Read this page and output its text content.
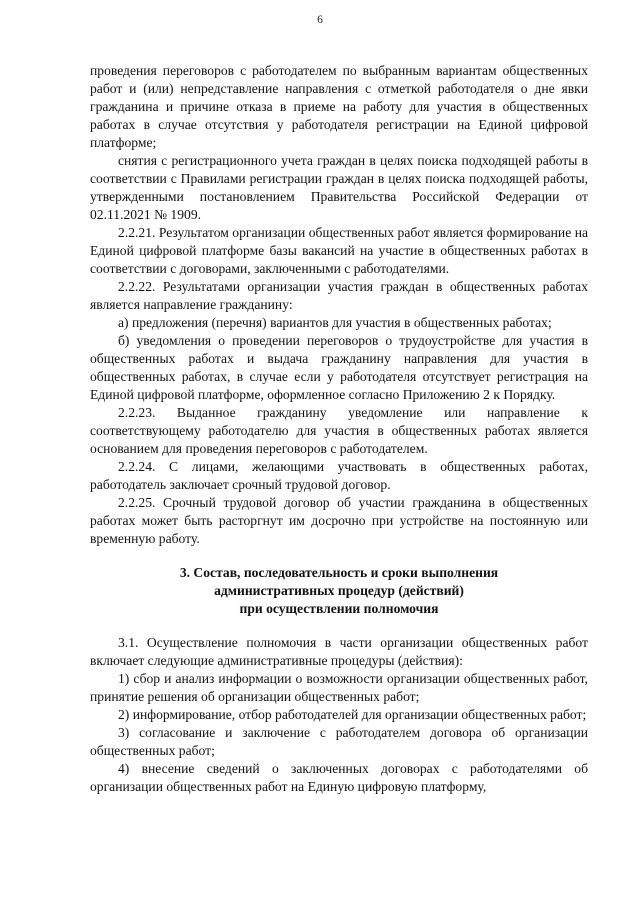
6

проведения переговоров с работодателем по выбранным вариантам общественных работ и (или) непредставление направления с отметкой работодателя о дне явки гражданина и причине отказа в приеме на работу для участия в общественных работах в случае отсутствия у работодателя регистрации на Единой цифровой платформе;

снятия с регистрационного учета граждан в целях поиска подходящей работы в соответствии с Правилами регистрации граждан в целях поиска подходящей работы, утвержденными постановлением Правительства Российской Федерации от 02.11.2021 № 1909.

2.2.21. Результатом организации общественных работ является формирование на Единой цифровой платформе базы вакансий на участие в общественных работах в соответствии с договорами, заключенными с работодателями.

2.2.22. Результатами организации участия граждан в общественных работах является направление гражданину:

а) предложения (перечня) вариантов для участия в общественных работах;

б) уведомления о проведении переговоров о трудоустройстве для участия в общественных работах и выдача гражданину направления для участия в общественных работах, в случае если у работодателя отсутствует регистрация на Единой цифровой платформе, оформленное согласно Приложению 2 к Порядку.

2.2.23. Выданное гражданину уведомление или направление к соответствующему работодателю для участия в общественных работах является основанием для проведения переговоров с работодателем.

2.2.24. С лицами, желающими участвовать в общественных работах, работодатель заключает срочный трудовой договор.

2.2.25. Срочный трудовой договор об участии гражданина в общественных работах может быть расторгнут им досрочно при устройстве на постоянную или временную работу.

3. Состав, последовательность и сроки выполнения
административных процедур (действий)
при осуществлении полномочия

3.1. Осуществление полномочия в части организации общественных работ включает следующие административные процедуры (действия):

1) сбор и анализ информации о возможности организации общественных работ, принятие решения об организации общественных работ;

2) информирование, отбор работодателей для организации общественных работ;

3) согласование и заключение с работодателем договора об организации общественных работ;

4) внесение сведений о заключенных договорах с работодателями об организации общественных работ на Единую цифровую платформу,
